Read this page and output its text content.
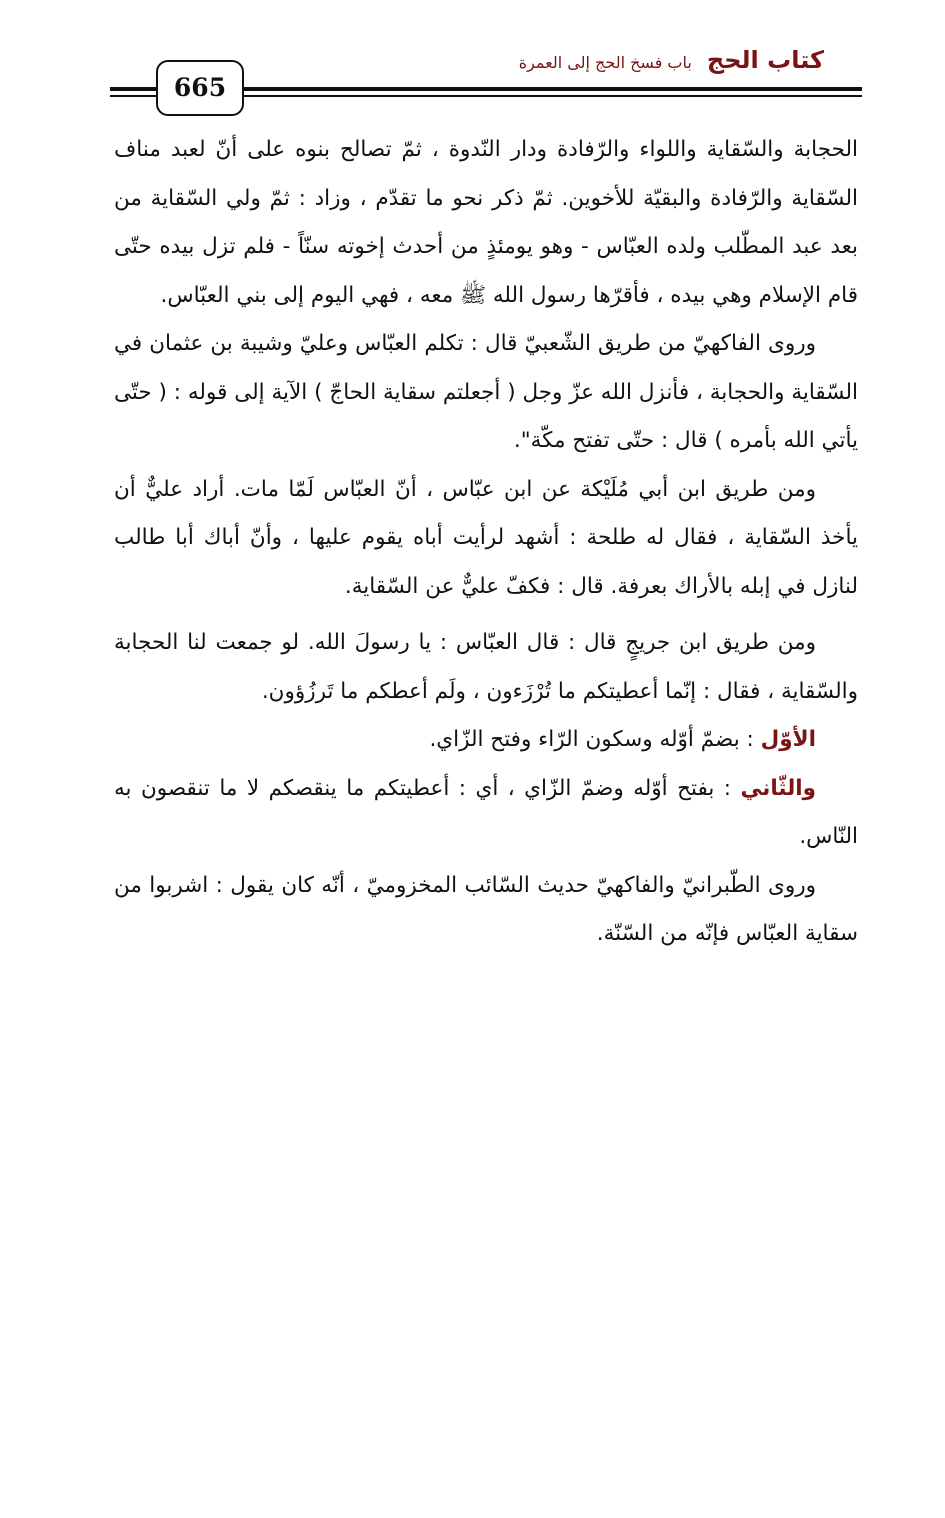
كتاب الحج باب فسخ الحج إلى العمرة
665

الحجابة والسّقاية واللواء والرّفادة ودار النّدوة ، ثمّ تصالح بنوه على أنّ لعبد مناف السّقاية والرّفادة والبقيّة للأخوين. ثمّ ذكر نحو ما تقدّم ، وزاد : ثمّ ولي السّقاية من بعد عبد المطّلب ولده العبّاس - وهو يومئذٍ من أحدث إخوته سنّاً - فلم تزل بيده حتّى قام الإسلام وهي بيده ، فأقرّها رسول الله ﷺ معه ، فهي اليوم إلى بني العبّاس.

وروى الفاكهيّ من طريق الشّعبيّ قال : تكلم العبّاس وعليّ وشيبة بن عثمان في السّقاية والحجابة ، فأنزل الله عزّ وجل ( أجعلتم سقاية الحاجّ ) الآية إلى قوله : ( حتّى يأتي الله بأمره ) قال : حتّى تفتح مكّة".

ومن طريق ابن أبي مُلَيْكة عن ابن عبّاس ، أنّ العبّاس لَمّا مات. أراد عليٌّ أن يأخذ السّقاية ، فقال له طلحة : أشهد لرأيت أباه يقوم عليها ، وأنّ أباك أبا طالب لنازل في إبله بالأراك بعرفة. قال : فكفّ عليٌّ عن السّقاية.

ومن طريق ابن جريجٍ قال : قال العبّاس : يا رسولَ الله. لو جمعت لنا الحجابة والسّقاية ، فقال : إنّما أعطيتكم ما تُرْزَءون ، ولَم أعطكم ما تَرزُؤون.

الأوّل : بضمّ أوّله وسكون الرّاء وفتح الزّاي.

والثّاني : بفتح أوّله وضمّ الزّاي ، أي : أعطيتكم ما ينقصكم لا ما تنقصون به النّاس.

وروى الطّبرانيّ والفاكهيّ حديث السّائب المخزوميّ ، أنّه كان يقول : اشربوا من سقاية العبّاس فإنّه من السّنّة.
